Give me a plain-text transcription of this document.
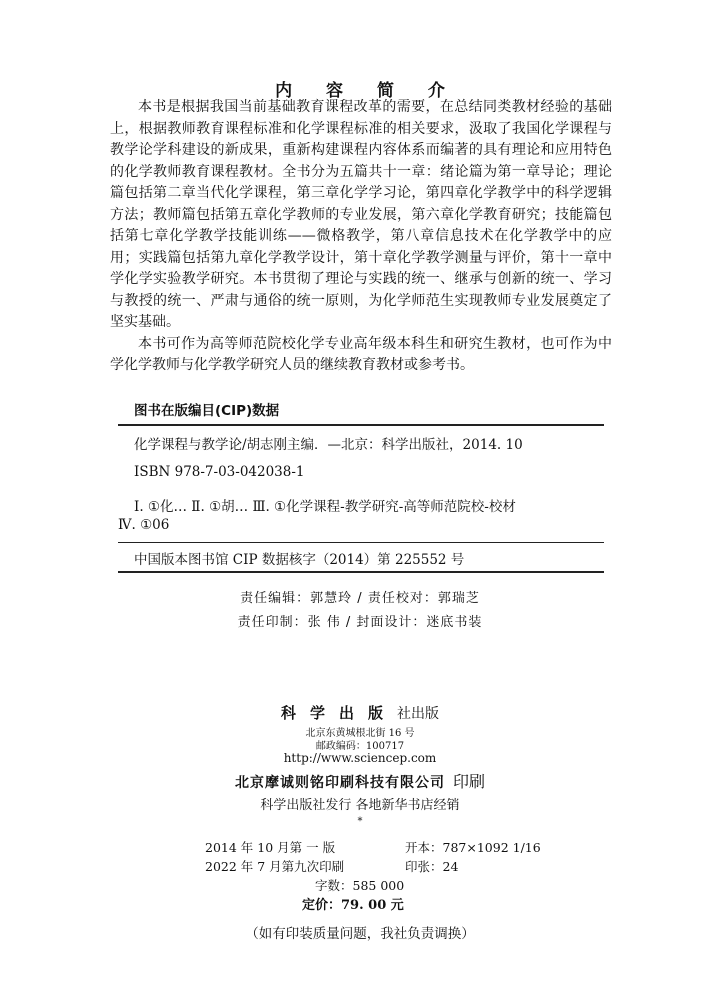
内 容 简 介

本书是根据我国当前基础教育课程改革的需要，在总结同类教材经验的基础上，根据教师教育课程标准和化学课程标准的相关要求，汲取了我国化学课程与教学论学科建设的新成果，重新构建课程内容体系而编著的具有理论和应用特色的化学教师教育课程教材。全书分为五篇共十一章：绪论篇为第一章导论；理论篇包括第二章当代化学课程，第三章化学学习论，第四章化学教学中的科学逻辑方法；教师篇包括第五章化学教师的专业发展，第六章化学教育研究；技能篇包括第七章化学教学技能训练——微格教学，第八章信息技术在化学教学中的应用；实践篇包括第九章化学教学设计，第十章化学教学测量与评价，第十一章中学化学实验教学研究。本书贯彻了理论与实践的统一、继承与创新的统一、学习与教授的统一、严肃与通俗的统一原则，为化学师范生实现教师专业发展奠定了坚实基础。

本书可作为高等师范院校化学专业高年级本科生和研究生教材，也可作为中学化学教师与化学教学研究人员的继续教育教材或参考书。

图书在版编目(CIP)数据
化学课程与教学论/胡志刚主编．—北京：科学出版社，2014. 10
ISBN 978-7-03-042038-1
Ⅰ. ①化… Ⅱ. ①胡… Ⅲ. ①化学课程-教学研究-高等师范院校-校材
Ⅳ. ①06
中国版本图书馆 CIP 数据核字（2014）第 225552 号
责任编辑：郭慧玲 / 责任校对：郭瑞芝
责任印制：张 伟 / 封面设计：迷底书装
科学出版社出版
北京东黄城根北街 16 号
邮政编码：100717
http://www.sciencep.com
北京摩诚则铭印刷科技有限公司 印刷
科学出版社发行 各地新华书店经销
*
2014 年 10 月第 一 版	开本：787×1092 1/16
2022 年 7 月第九次印刷	印张：24
字数：585 000
定价：79. 00 元
（如有印装质量问题，我社负责调换）
